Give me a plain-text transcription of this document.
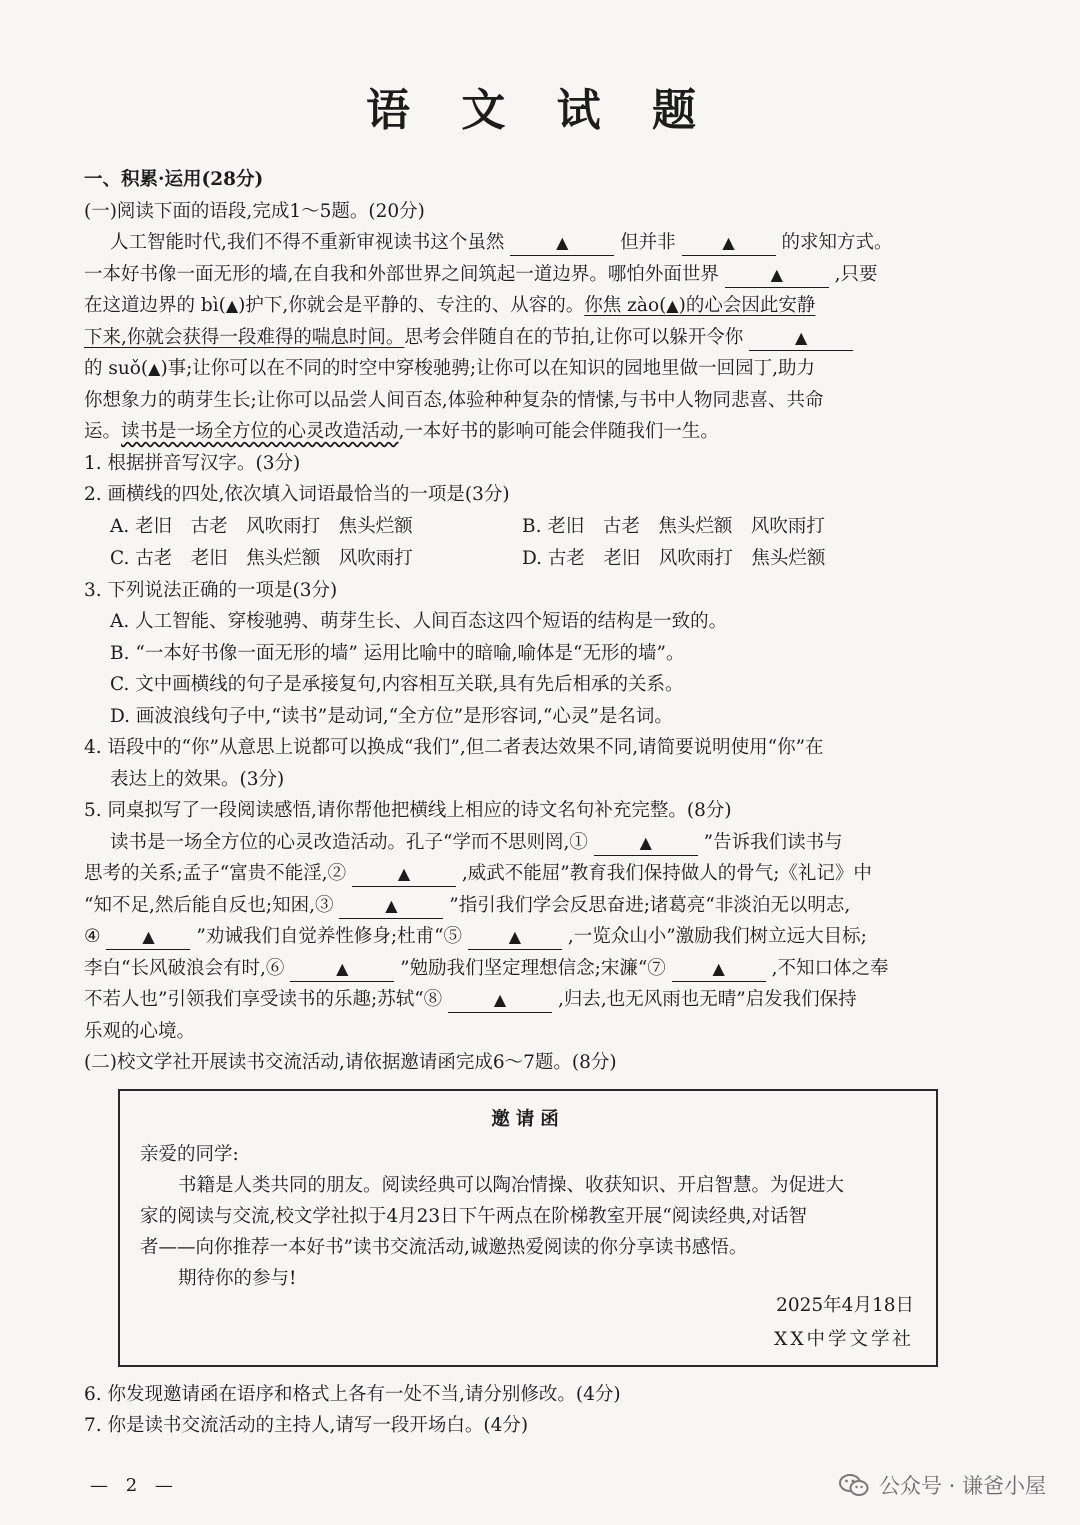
语 文 试 题
一、积累·运用(28分)
(一)阅读下面的语段,完成1～5题。(20分)
人工智能时代,我们不得不重新审视读书这个虽然	▲	但并非	▲	的求知方式。
一本好书像一面无形的墙,在自我和外部世界之间筑起一道边界。哪怕外面世界	▲	,只要
在这道边界的 bì(▲)护下,你就会是平静的、专注的、从容的。你焦 zào(▲)的心会因此安静
下来,你就会获得一段难得的喘息时间。思考会伴随自在的节拍,让你可以躲开令你	▲
的 suǒ(▲)事;让你可以在不同的时空中穿梭驰骋;让你可以在知识的园地里做一回园丁,助力
你想象力的萌芽生长;让你可以品尝人间百态,体验种种复杂的情愫,与书中人物同悲喜、共命
运。读书是一场全方位的心灵改造活动,一本好书的影响可能会伴随我们一生。
1. 根据拼音写汉字。(3分)
2. 画横线的四处,依次填入词语最恰当的一项是(3分)
A. 老旧　古老　风吹雨打　焦头烂额	B. 老旧　古老　焦头烂额　风吹雨打
C. 古老　老旧　焦头烂额　风吹雨打	D. 古老　老旧　风吹雨打　焦头烂额
3. 下列说法正确的一项是(3分)
A. 人工智能、穿梭驰骋、萌芽生长、人间百态这四个短语的结构是一致的。
B. “一本好书像一面无形的墙” 运用比喻中的暗喻,喻体是“无形的墙”。
C. 文中画横线的句子是承接复句,内容相互关联,具有先后相承的关系。
D. 画波浪线句子中,“读书”是动词,“全方位”是形容词,“心灵”是名词。
4. 语段中的“你”从意思上说都可以换成“我们”,但二者表达效果不同,请简要说明使用“你”在
表达上的效果。(3分)
5. 同桌拟写了一段阅读感悟,请你帮他把横线上相应的诗文名句补充完整。(8分)
读书是一场全方位的心灵改造活动。孔子“学而不思则罔,①	▲	”告诉我们读书与
思考的关系;孟子“富贵不能淫,②	▲	,威武不能屈”教育我们保持做人的骨气;《礼记》中
“知不足,然后能自反也;知困,③	▲	”指引我们学会反思奋进;诸葛亮“非淡泊无以明志,
④	▲ ”劝诫我们自觉养性修身;杜甫“⑤	▲	,一览众山小”激励我们树立远大目标;
李白“长风破浪会有时,⑥	▲	”勉励我们坚定理想信念;宋濂“⑦	▲	,不知口体之奉
不若人也”引领我们享受读书的乐趣;苏轼“⑧	▲	,归去,也无风雨也无晴”启发我们保持
乐观的心境。
(二)校文学社开展读书交流活动,请依据邀请函完成6～7题。(8分)
邀请函
亲爱的同学:
书籍是人类共同的朋友。阅读经典可以陶冶情操、收获知识、开启智慧。为促进大
家的阅读与交流,校文学社拟于4月23日下午两点在阶梯教室开展“阅读经典,对话智
者——向你推荐一本好书”读书交流活动,诚邀热爱阅读的你分享读书感悟。
期待你的参与!
2025年4月18日
XX中学文学社
6. 你发现邀请函在语序和格式上各有一处不当,请分别修改。(4分)
7. 你是读书交流活动的主持人,请写一段开场白。(4分)
— 2 —	公众号 · 谦爸小屋
